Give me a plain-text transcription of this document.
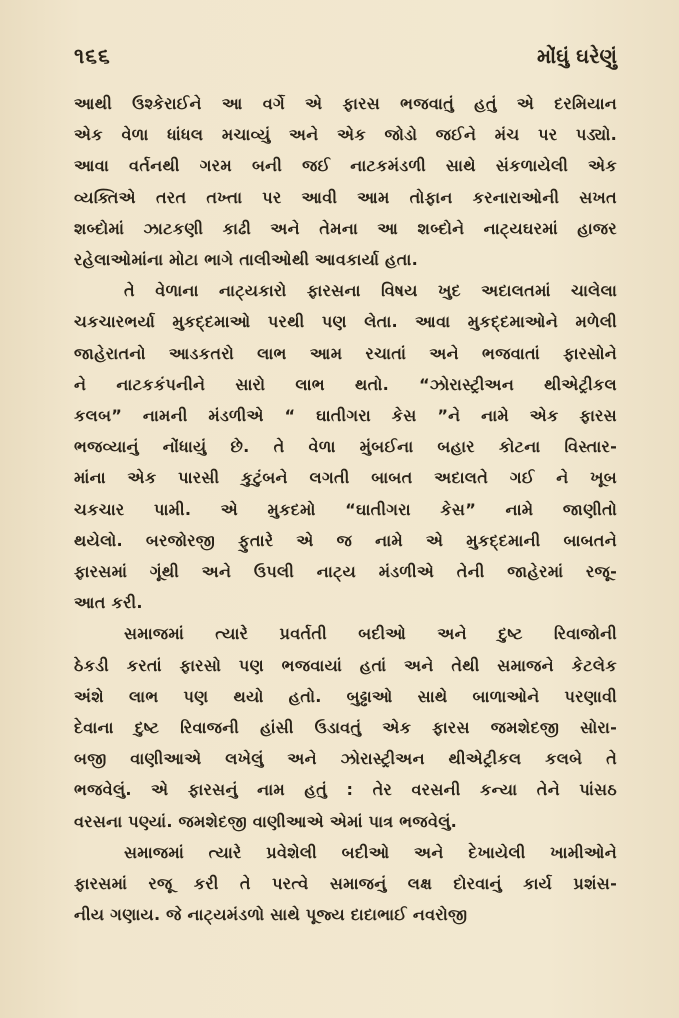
૧૬૬	મોંઘું ઘરેણું
આથી ઉશ્કેરાઈને આ વર્ગે એ ફારસ ભજવાતું હતું એ દરમિયાન
એક વેળા ધાંધલ મચાવ્યું અને એક જોડો જઈને મંચ પર પડ્યો.
આવા વર્તનથી ગરમ બની જઈ નાટકમંડળી સાથે સંકળાયેલી એક
વ્યક્તિએ તરત તખ્તા પર આવી આમ તોફાન કરનારાઓની સખત
શબ્દોમાં ઝાટકણી કાઢી અને તેમના આ શબ્દોને નાટ્યઘરમાં હાજર
રહેલાઓમાંના મોટા ભાગે તાલીઓથી આવકાર્યા હતા.
તે વેળાના નાટ્યકારો ફારસના વિષય ખુદ અદાલતમાં ચાલેલા
ચકચારભર્યા મુકદ્દમાઓ પરથી પણ લેતા. આવા મુકદ્દમાઓને મળેલી
જાહેરાતનો આડકતરો લાભ આમ રચાતાં અને ભજવાતાં ફારસોને
ને નાટકકંપનીને સારો લાભ થતો. “ઝોરાસ્ટ્રીઅન થીએટ્રીકલ
કલબ” નામની મંડળીએ “ ઘાતીગરા કેસ ”ને નામે એક ફારસ
ભજવ્યાનું નોંધાયું છે. તે વેળા મુંબઈના બહાર કોટના વિસ્તાર-
માંના એક પારસી કુટુંબને લગતી બાબત અદાલતે ગઈ ને ખૂબ
ચકચાર પામી. એ મુકદમો “ઘાતીગરા કેસ” નામે જાણીતો
થયેલો. બરજોરજી ફુતારે એ જ નામે એ મુકદ્દમાની બાબતને
ફારસમાં ગૂંથી અને ઉપલી નાટ્ય મંડળીએ તેની જાહેરમાં રજૂ-
આત કરી.
સમાજમાં ત્યારે પ્રવર્તતી બદીઓ અને દુષ્ટ રિવાજોની
ઠેકડી કરતાં ફારસો પણ ભજવાયાં હતાં અને તેથી સમાજને કેટલેક
અંશે લાભ પણ થયો હતો. બુઢ્ઢાઓ સાથે બાળાઓને પરણાવી
દેવાના દુષ્ટ રિવાજની હાંસી ઉડાવતું એક ફારસ જમશેદજી સોરા-
બજી વાણીઆએ લખેલું અને ઝોરાસ્ટ્રીઅન થીએટ્રીકલ કલબે તે
ભજવેલું. એ ફારસનું નામ હતું : તેર વરસની કન્યા તેને પાંસઠ
વરસના પણ્યાં. જમશેદજી વાણીઆએ એમાં પાત્ર ભજવેલું.
સમાજમાં ત્યારે પ્રવેશેલી બદીઓ અને દેખાયેલી ખામીઓને
ફારસમાં રજૂ કરી તે પરત્વે સમાજનું લક્ષ દોરવાનું કાર્ય પ્રશંસ-
નીય ગણાય. જે નાટ્યમંડળો સાથે પૂજ્ય દાદાભાઈ નવરોજી
